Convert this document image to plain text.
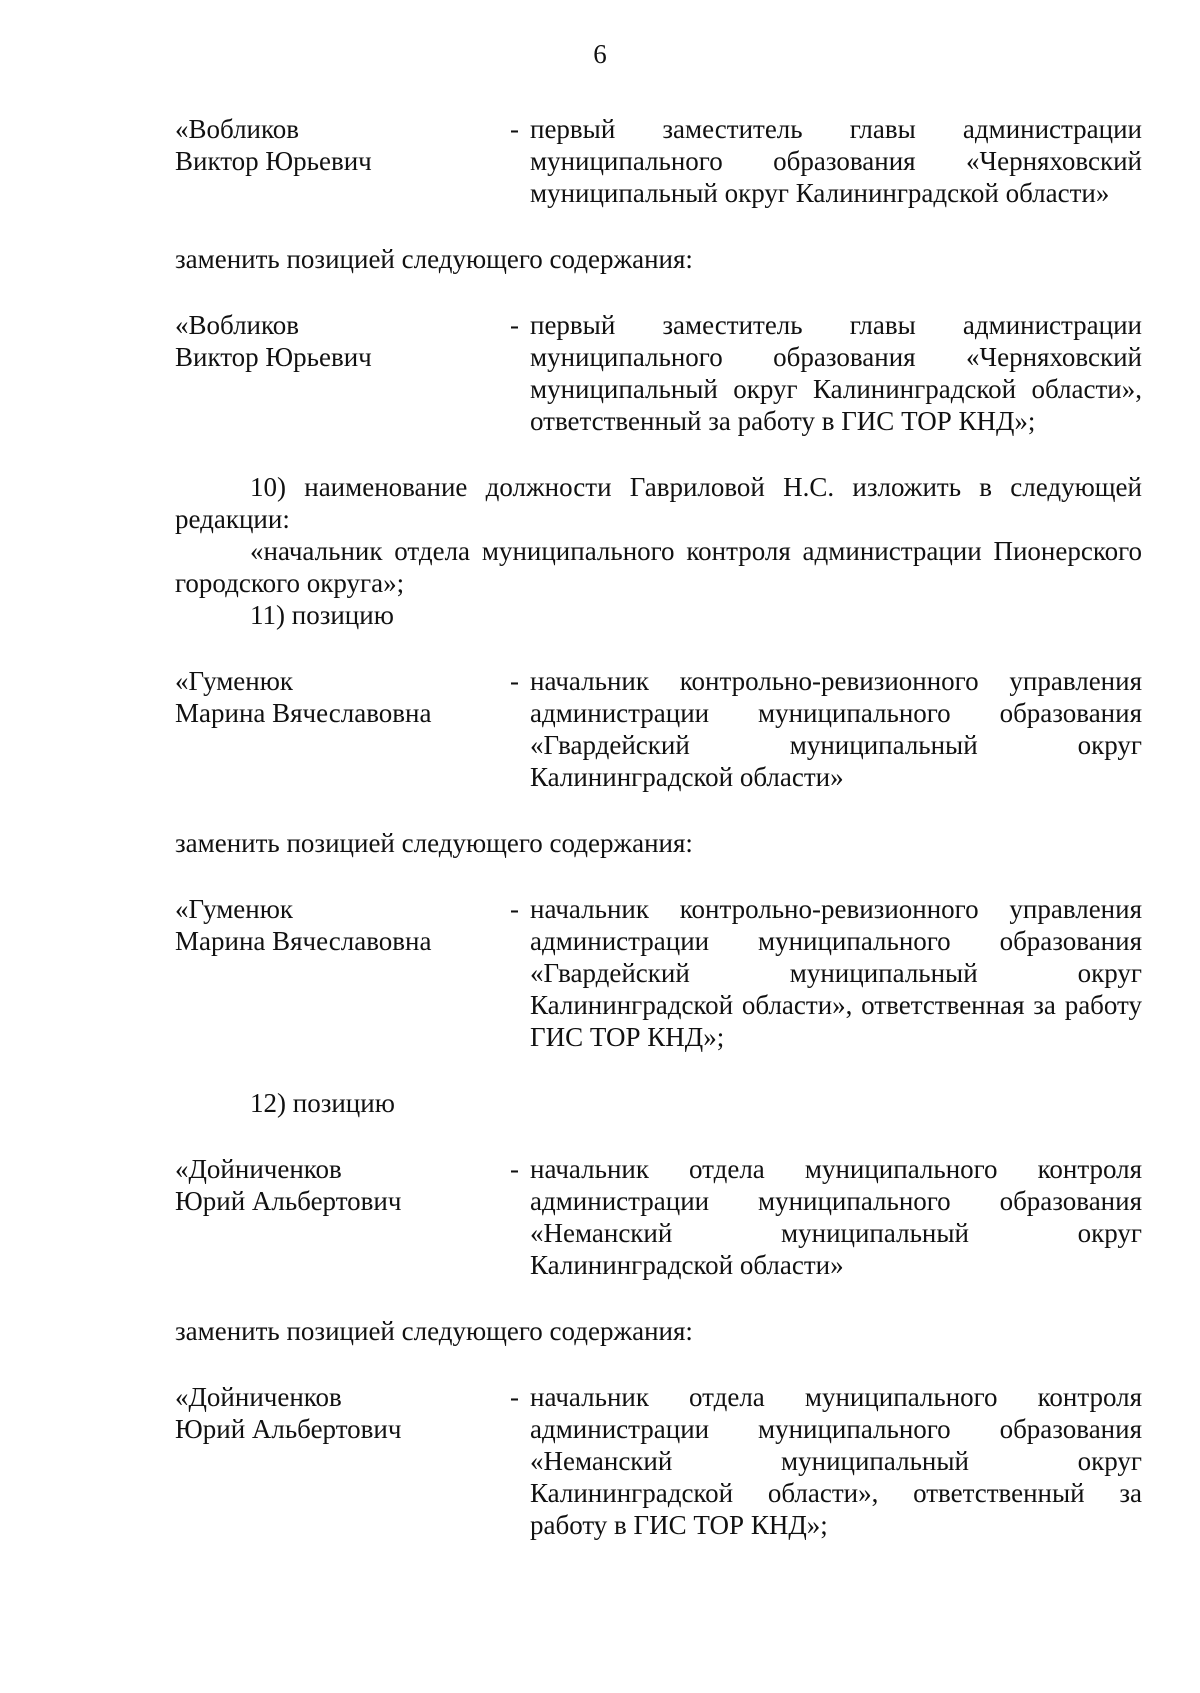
6
«Вобликов
Виктор Юрьевич
- первый заместитель главы администрации муниципального образования «Черняховский муниципальный округ Калининградской области»

заменить позицией следующего содержания:

«Вобликов
Виктор Юрьевич
- первый заместитель главы администрации муниципального образования «Черняховский муниципальный округ Калининградской области», ответственный за работу в ГИС ТОР КНД»;

10) наименование должности Гавриловой Н.С. изложить в следующей редакции:

«начальник отдела муниципального контроля администрации Пионерского городского округа»;

11) позицию

«Гуменюк
Марина Вячеславовна
- начальник контрольно-ревизионного управления администрации муниципального образования «Гвардейский муниципальный округ Калининградской области»

заменить позицией следующего содержания:

«Гуменюк
Марина Вячеславовна
- начальник контрольно-ревизионного управления администрации муниципального образования «Гвардейский муниципальный округ Калининградской области», ответственная за работу ГИС ТОР КНД»;

12) позицию

«Дойниченков
Юрий Альбертович
- начальник отдела муниципального контроля администрации муниципального образования «Неманский муниципальный округ Калининградской области»

заменить позицией следующего содержания:

«Дойниченков
Юрий Альбертович
- начальник отдела муниципального контроля администрации муниципального образования «Неманский муниципальный округ Калининградской области», ответственный за работу в ГИС ТОР КНД»;
